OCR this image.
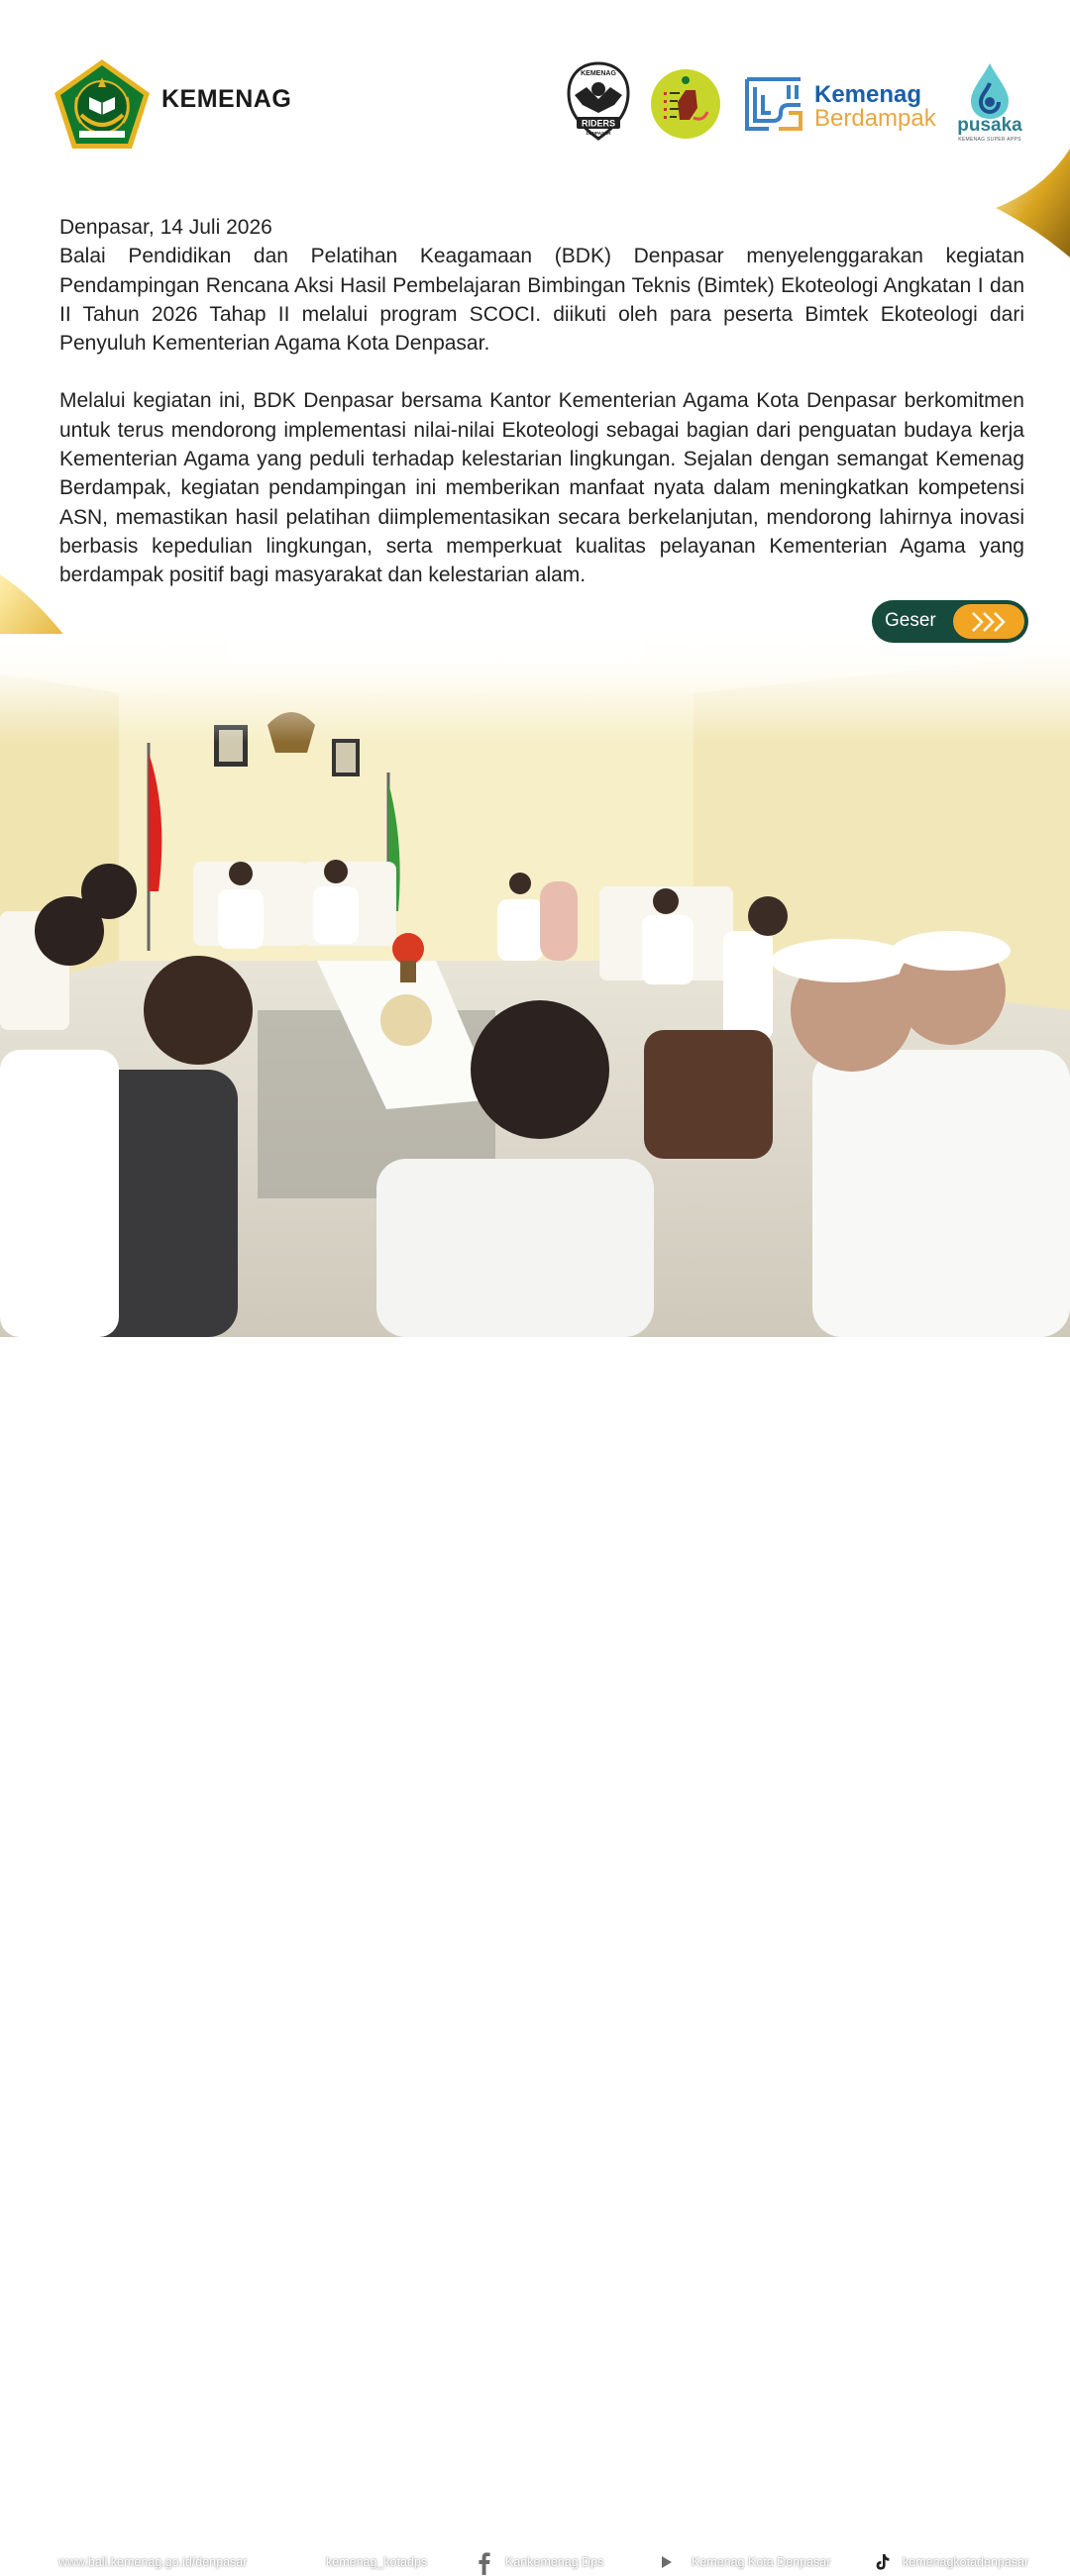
KEMENAG
RIDERS
KEMENAG
DENPASAR
Kemenag
Berdampak pusaka
KEMENAG SUPER APPS

Denpasar, 14 Juli 2026

Balai Pendidikan dan Pelatihan Keagamaan (BDK) Denpasar menyelenggarakan kegiatan Pendampingan Rencana Aksi Hasil Pembelajaran Bimbingan Teknis (Bimtek) Ekoteologi Angkatan I dan II Tahun 2026 Tahap II melalui program SCOCI. diikuti oleh para peserta Bimtek Ekoteologi dari Penyuluh Kementerian Agama Kota Denpasar.

Melalui kegiatan ini, BDK Denpasar bersama Kantor Kementerian Agama Kota Denpasar berkomitmen untuk terus mendorong implementasi nilai-nilai Ekoteologi sebagai bagian dari penguatan budaya kerja Kementerian Agama yang peduli terhadap kelestarian lingkungan. Sejalan dengan semangat Kemenag Berdampak, kegiatan pendampingan ini memberikan manfaat nyata dalam meningkatkan kompetensi ASN, memastikan hasil pelatihan diimplementasikan secara berkelanjutan, mendorong lahirnya inovasi berbasis kepedulian lingkungan, serta memperkuat kualitas pelayanan Kementerian Agama yang berdampak positif bagi masyarakat dan kelestarian alam.

Geser
www.bali.kemenag.go.id/denpasar	kemenag_kotadps	Kankemenag Dps	Kemenag Kota Denpasar	kemenagkotadenpasar
